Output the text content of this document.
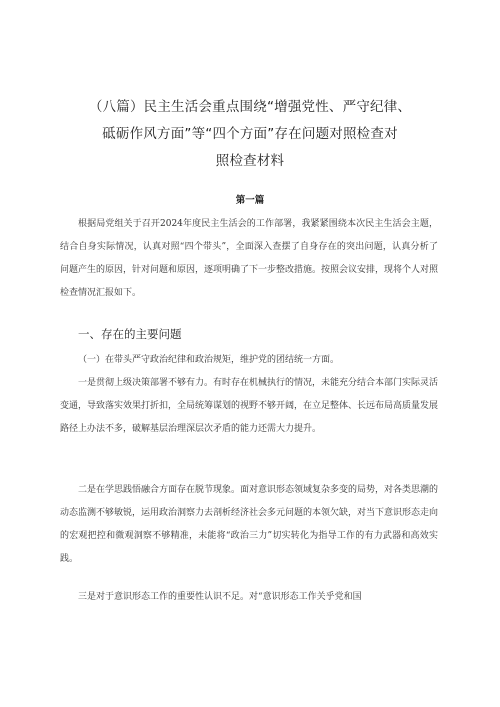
（八篇）民主生活会重点围绕“增强党性、严守纪律、
砥砺作风方面”等“四个方面”存在问题对照检查对
照检查材料
第一篇
根据局党组关于召开2024年度民主生活会的工作部署，我紧紧围绕本次民主生活会主题，结合自身实际情况，认真对照“四个带头”，全面深入查摆了自身存在的突出问题，认真分析了问题产生的原因，针对问题和原因，逐项明确了下一步整改措施。按照会议安排，现将个人对照检查情况汇报如下。
一、存在的主要问题
（一）在带头严守政治纪律和政治规矩，维护党的团结统一方面。
一是贯彻上级决策部署不够有力。有时存在机械执行的情况，未能充分结合本部门实际灵活变通，导致落实效果打折扣，全局统筹谋划的视野不够开阔，在立足整体、长远布局高质量发展路径上办法不多，破解基层治理深层次矛盾的能力还需大力提升。
二是在学思践悟融合方面存在脱节现象。面对意识形态领域复杂多变的局势，对各类思潮的动态监测不够敏锐，运用政治洞察力去剖析经济社会多元问题的本领欠缺，对当下意识形态走向的宏观把控和微观洞察不够精准，未能将“政治三力”切实转化为指导工作的有力武器和高效实践。
三是对于意识形态工作的重要性认识不足。对“意识形态工作关乎党和国
